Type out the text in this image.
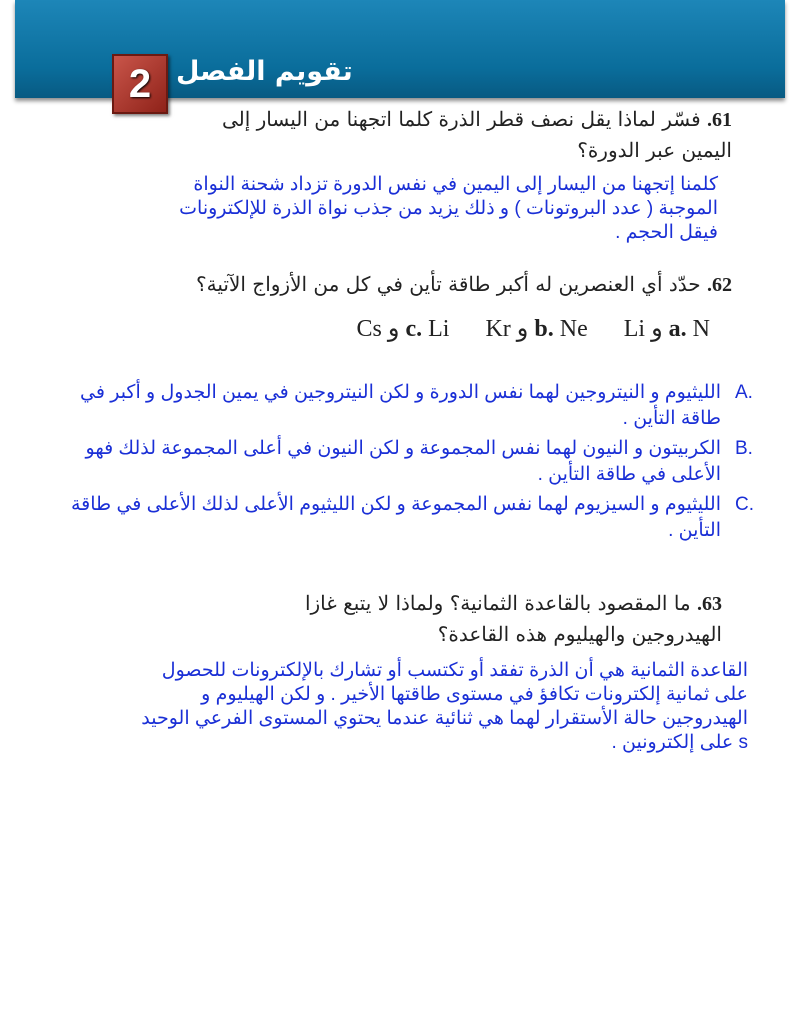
2 تقويم الفصل
61. فسّر لماذا يقل نصف قطر الذرة كلما اتجهنا من اليسار إلى اليمين عبر الدورة؟
كلمنا إتجهنا من اليسار إلى اليمين في نفس الدورة تزداد شحنة النواة الموجبة ( عدد البروتونات ) و ذلك يزيد من جذب نواة الذرة للإلكترونات فيقل الحجم .
62. حدّد أي العنصرين له أكبر طاقة تأين في كل من الأزواج الآتية؟
a. N و Li
b. Ne و Kr
c. Li و Cs
A.
الليثيوم و النيتروجين لهما نفس الدورة و لكن النيتروجين في يمين الجدول و أكبر في طاقة التأين .
B.
الكربيتون و النيون لهما نفس المجموعة و لكن النيون في أعلى المجموعة لذلك فهو الأعلى في طاقة التأين .
C.
الليثيوم و السيزيوم لهما نفس المجموعة و لكن الليثيوم الأعلى لذلك الأعلى في طاقة التأين .
63. ما المقصود بالقاعدة الثمانية؟ ولماذا لا يتبع غازا الهيدروجين والهيليوم هذه القاعدة؟
القاعدة الثمانية هي أن الذرة تفقد أو تكتسب أو تشارك بالإلكترونات للحصول على ثمانية إلكترونات تكافؤ في مستوى طاقتها الأخير . و لكن الهيليوم و الهيدروجين حالة الأستقرار لهما هي ثنائية عندما يحتوي المستوى الفرعي الوحيد s على إلكترونين .
